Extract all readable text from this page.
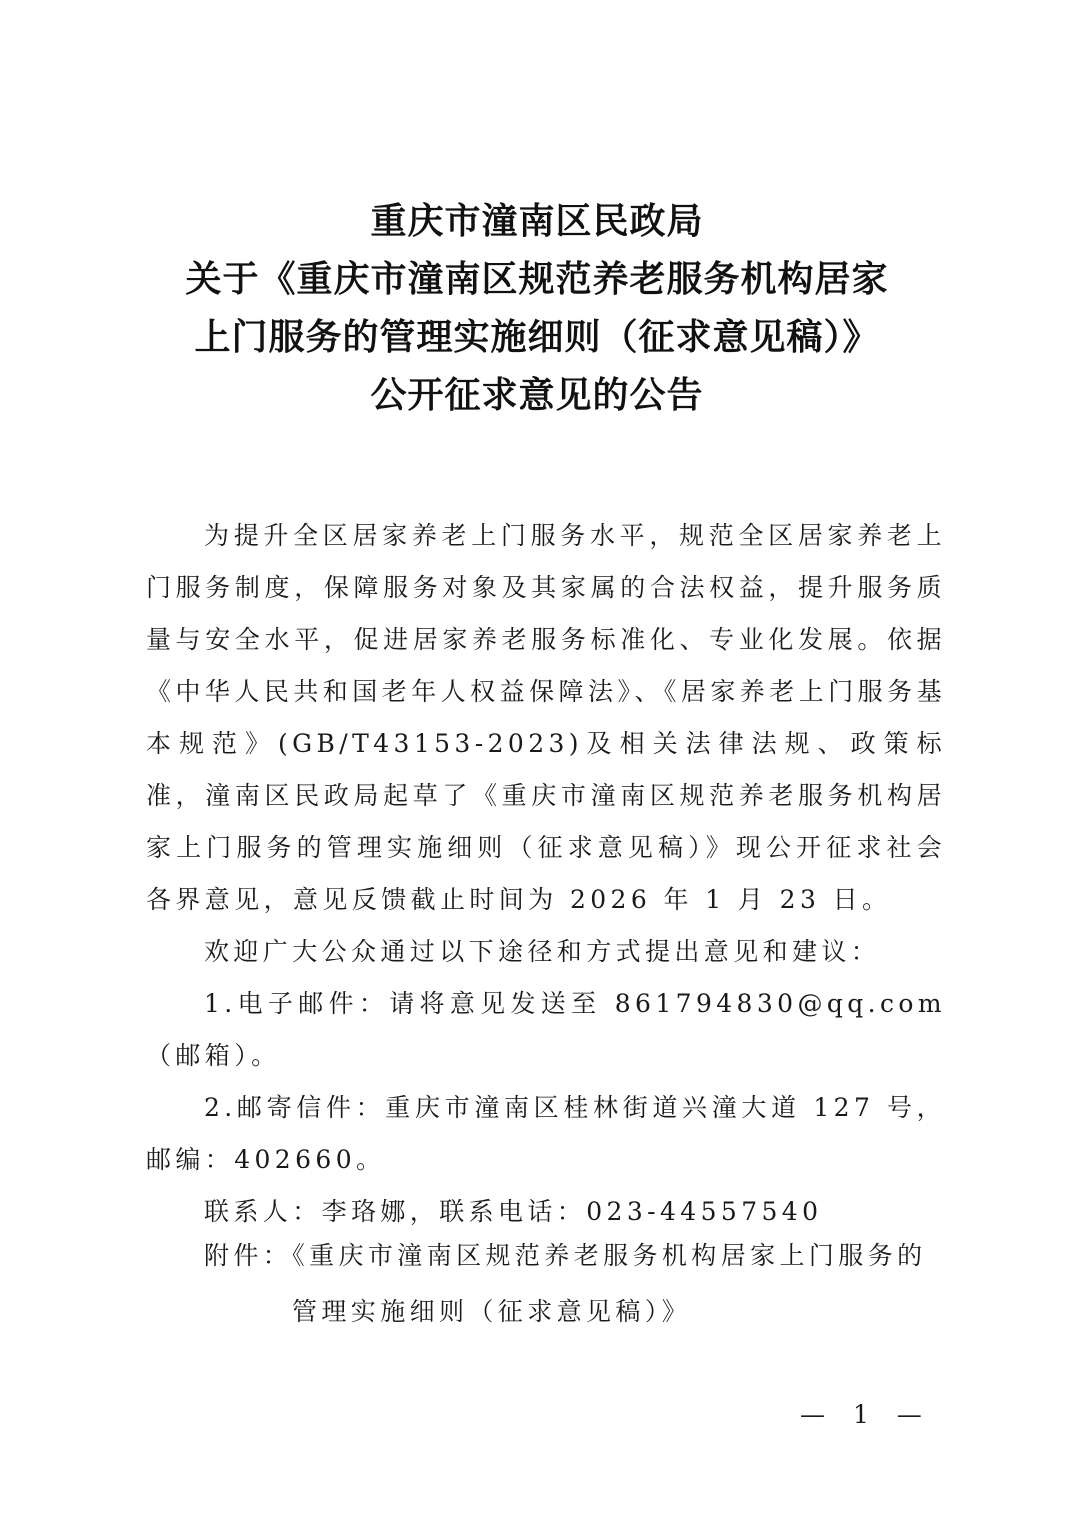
重庆市潼南区民政局
关于《重庆市潼南区规范养老服务机构居家
上门服务的管理实施细则（征求意见稿）》
公开征求意见的公告

为提升全区居家养老上门服务水平，规范全区居家养老上门服务制度，保障服务对象及其家属的合法权益，提升服务质量与安全水平，促进居家养老服务标准化、专业化发展。依据《中华人民共和国老年人权益保障法》、《居家养老上门服务基本规范》(GB/T43153-2023)及相关法律法规、政策标准，潼南区民政局起草了《重庆市潼南区规范养老服务机构居家上门服务的管理实施细则（征求意见稿）》现公开征求社会各界意见，意见反馈截止时间为 2026 年 1 月 23 日。

欢迎广大公众通过以下途径和方式提出意见和建议：

1.电子邮件：请将意见发送至 861794830@qq.com（邮箱）。

2.邮寄信件：重庆市潼南区桂林街道兴潼大道 127 号，邮编：402660。

联系人：李珞娜，联系电话：023-44557540

附件：《重庆市潼南区规范养老服务机构居家上门服务的
管理实施细则（征求意见稿）》
— 1 —
